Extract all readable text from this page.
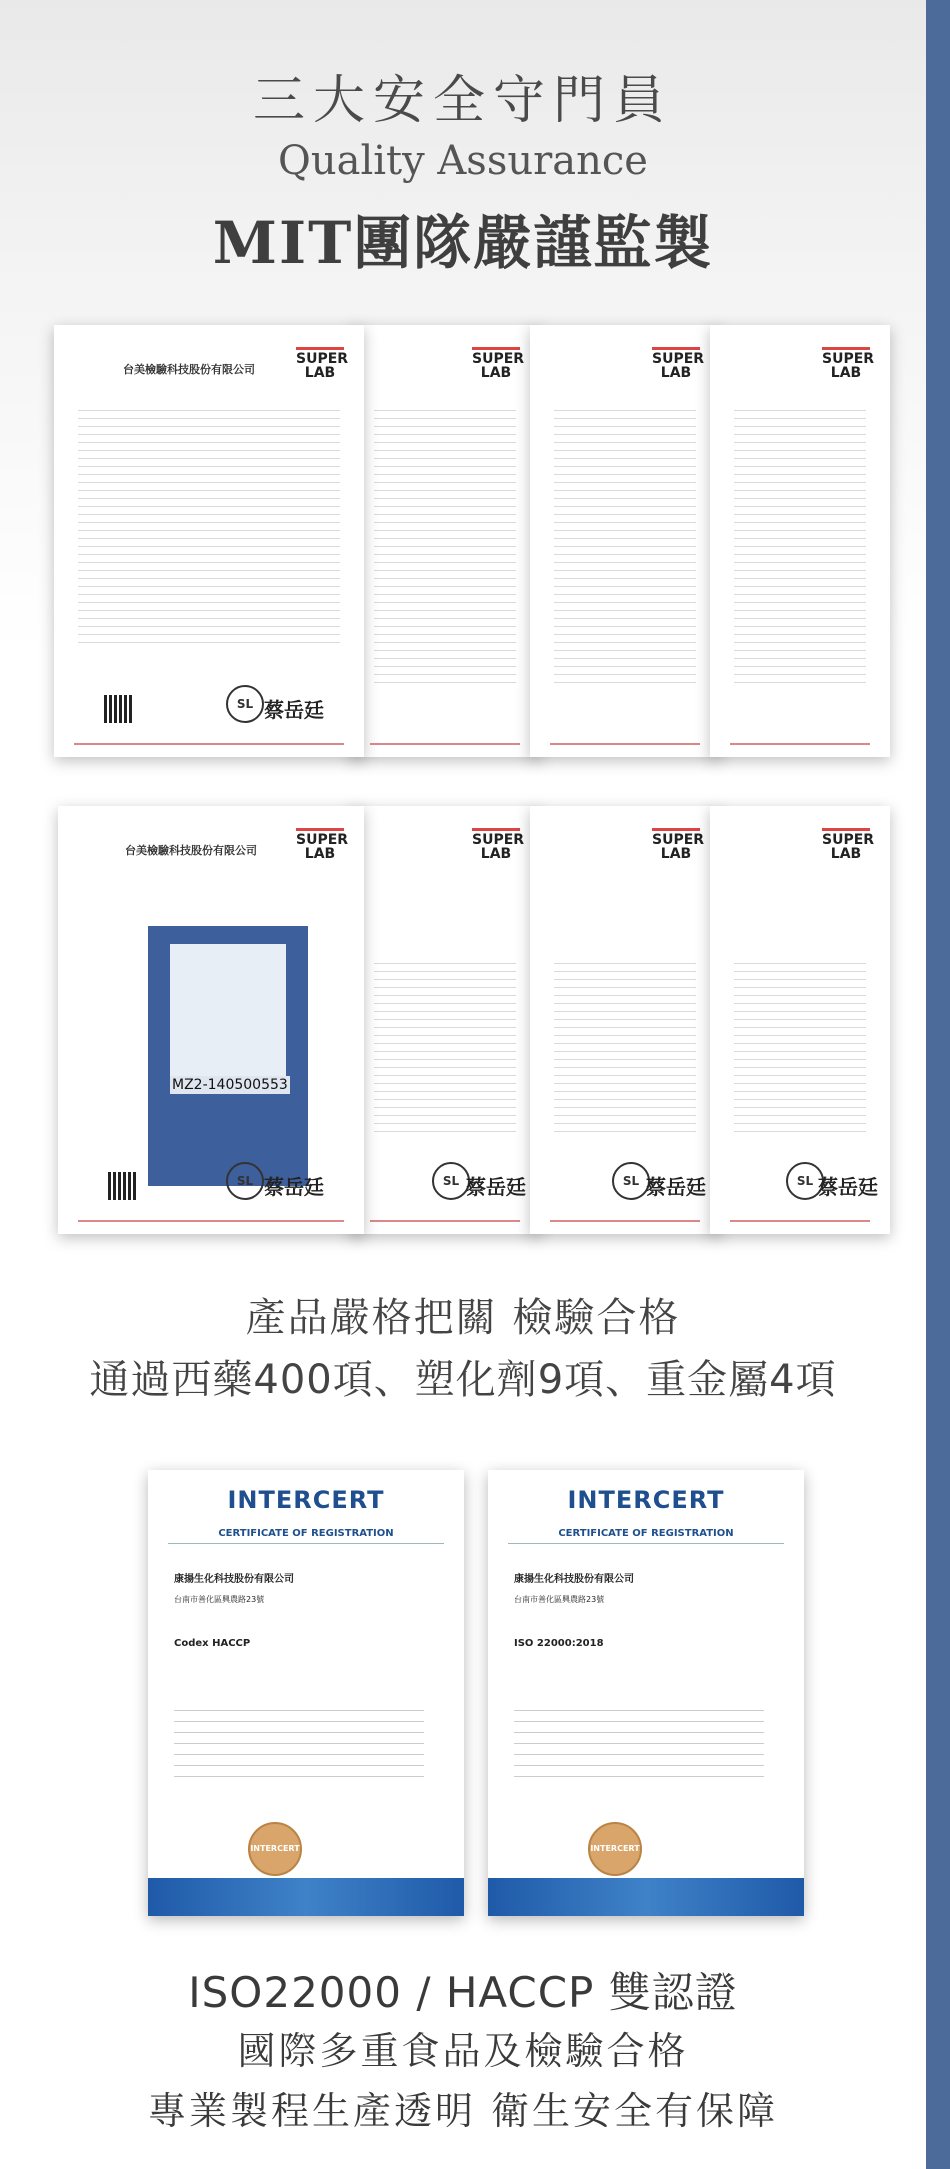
三大安全守門員
Quality Assurance
MIT團隊嚴謹監製
SUPER
LAB
台美檢驗科技股份有限公司
SL 蔡岳廷
SUPER
LAB
SUPER
LAB
SUPER
LAB
SUPER
LAB
台美檢驗科技股份有限公司
MZ2-140500553
SL 蔡岳廷
SUPER
LAB
SL 蔡岳廷
SUPER
LAB
SL 蔡岳廷
SUPER
LAB
SL 蔡岳廷
產品嚴格把關 檢驗合格
通過西藥400項、塑化劑9項、重金屬4項
INTERCERT
CERTIFICATE OF REGISTRATION
康揚生化科技股份有限公司
台南市善化區興農路23號
Codex HACCP
INTERCERT
INTERCERT
CERTIFICATE OF REGISTRATION
康揚生化科技股份有限公司
台南市善化區興農路23號
ISO 22000:2018
INTERCERT
ISO22000 / HACCP 雙認證
國際多重食品及檢驗合格
專業製程生產透明 衛生安全有保障
